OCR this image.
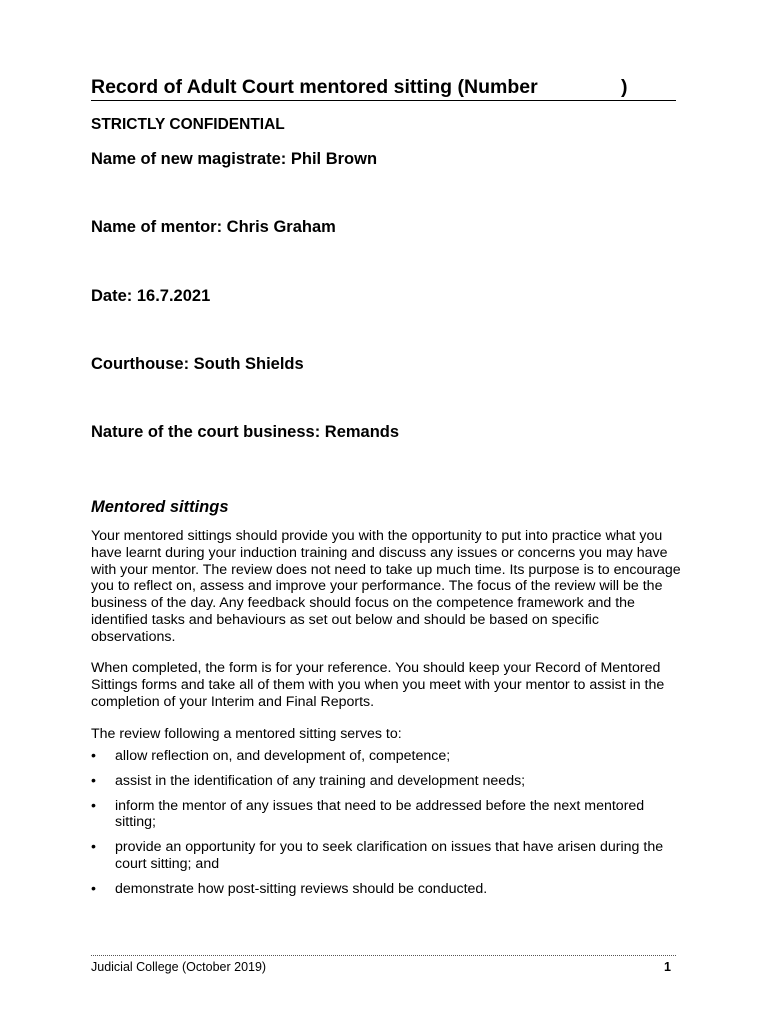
Record of Adult Court mentored sitting (Number	)
STRICTLY CONFIDENTIAL
Name of new magistrate: Phil Brown
Name of mentor: Chris Graham
Date: 16.7.2021
Courthouse: South Shields
Nature of the court business: Remands
Mentored sittings

Your mentored sittings should provide you with the opportunity to put into practice what you have learnt during your induction training and discuss any issues or concerns you may have with your mentor. The review does not need to take up much time. Its purpose is to encourage you to reflect on, assess and improve your performance. The focus of the review will be the business of the day. Any feedback should focus on the competence framework and the identified tasks and behaviours as set out below and should be based on specific observations.

When completed, the form is for your reference. You should keep your Record of Mentored Sittings forms and take all of them with you when you meet with your mentor to assist in the completion of your Interim and Final Reports.

The review following a mentored sitting serves to:

• allow reflection on, and development of, competence;
• assist in the identification of any training and development needs;
• inform the mentor of any issues that need to be addressed before the next mentored sitting;
• provide an opportunity for you to seek clarification on issues that have arisen during the court sitting; and
• demonstrate how post-sitting reviews should be conducted.
Judicial College (October 2019)	1
